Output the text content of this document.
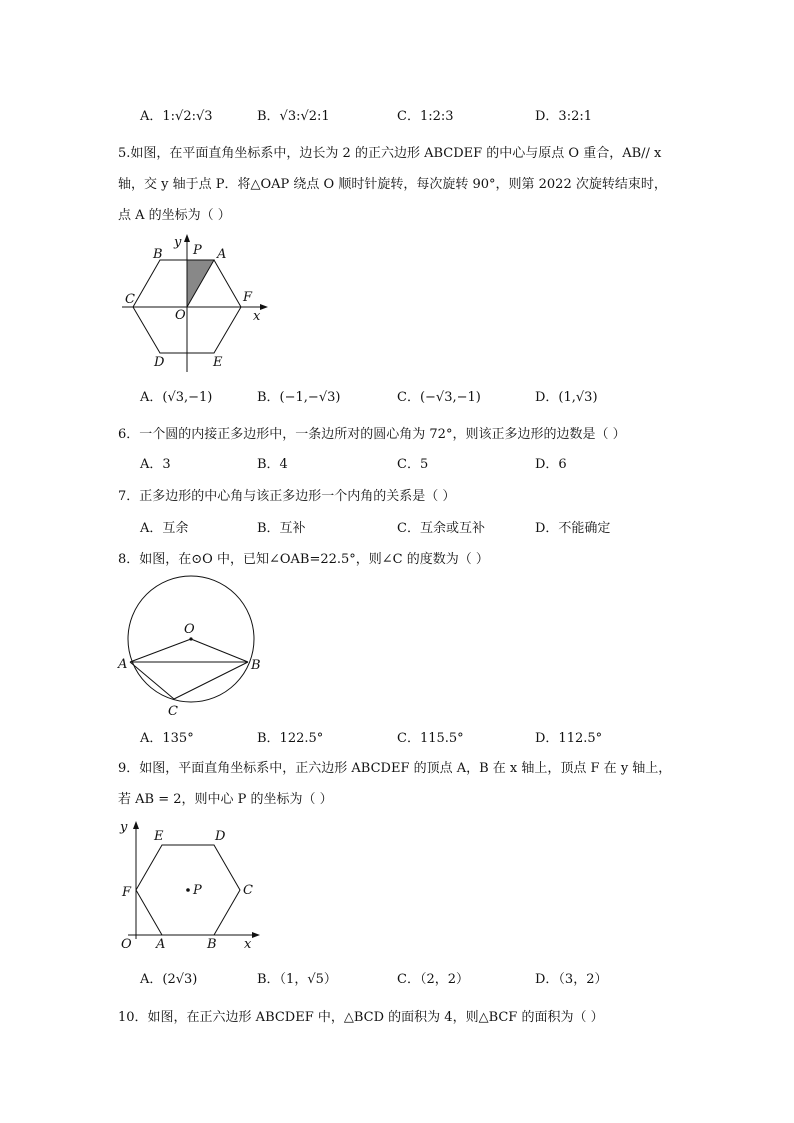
A．1:√2:√3	B．√3:√2:1	C．1:2:3	D．3:2:1
5.如图，在平面直角坐标系中，边长为 2 的正六边形 ABCDEF 的中心与原点 O 重合，AB// x
轴，交 y 轴于点 P．将△OAP 绕点 O 顺时针旋转，每次旋转 90°，则第 2022 次旋转结束时，
点 A 的坐标为（ ）
y
P A
B
C	F
O	x
D	E
A．(√3,−1)	B．(−1,−√3)	C．(−√3,−1)	D．(1,√3)
6．一个圆的内接正多边形中，一条边所对的圆心角为 72°，则该正多边形的边数是（ ）
A．3	B．4	C．5	D．6
7．正多边形的中心角与该正多边形一个内角的关系是（ ）
A．互余	B．互补	C．互余或互补	D．不能确定
8．如图，在⊙O 中，已知∠OAB=22.5°，则∠C 的度数为（ ）
O
A	B
C
A．135°	B．122.5°	C．115.5°	D．112.5°
9．如图，平面直角坐标系中，正六边形 ABCDEF 的顶点 A，B 在 x 轴上，顶点 F 在 y 轴上，
若 AB = 2，则中心 P 的坐标为（ ）
y
E	D
F	P	C
O A	B x
A．(2√3)	B．（1，√5）	C．（2，2）	D．（3，2）
10．如图，在正六边形 ABCDEF 中，△BCD 的面积为 4，则△BCF 的面积为（ ）
